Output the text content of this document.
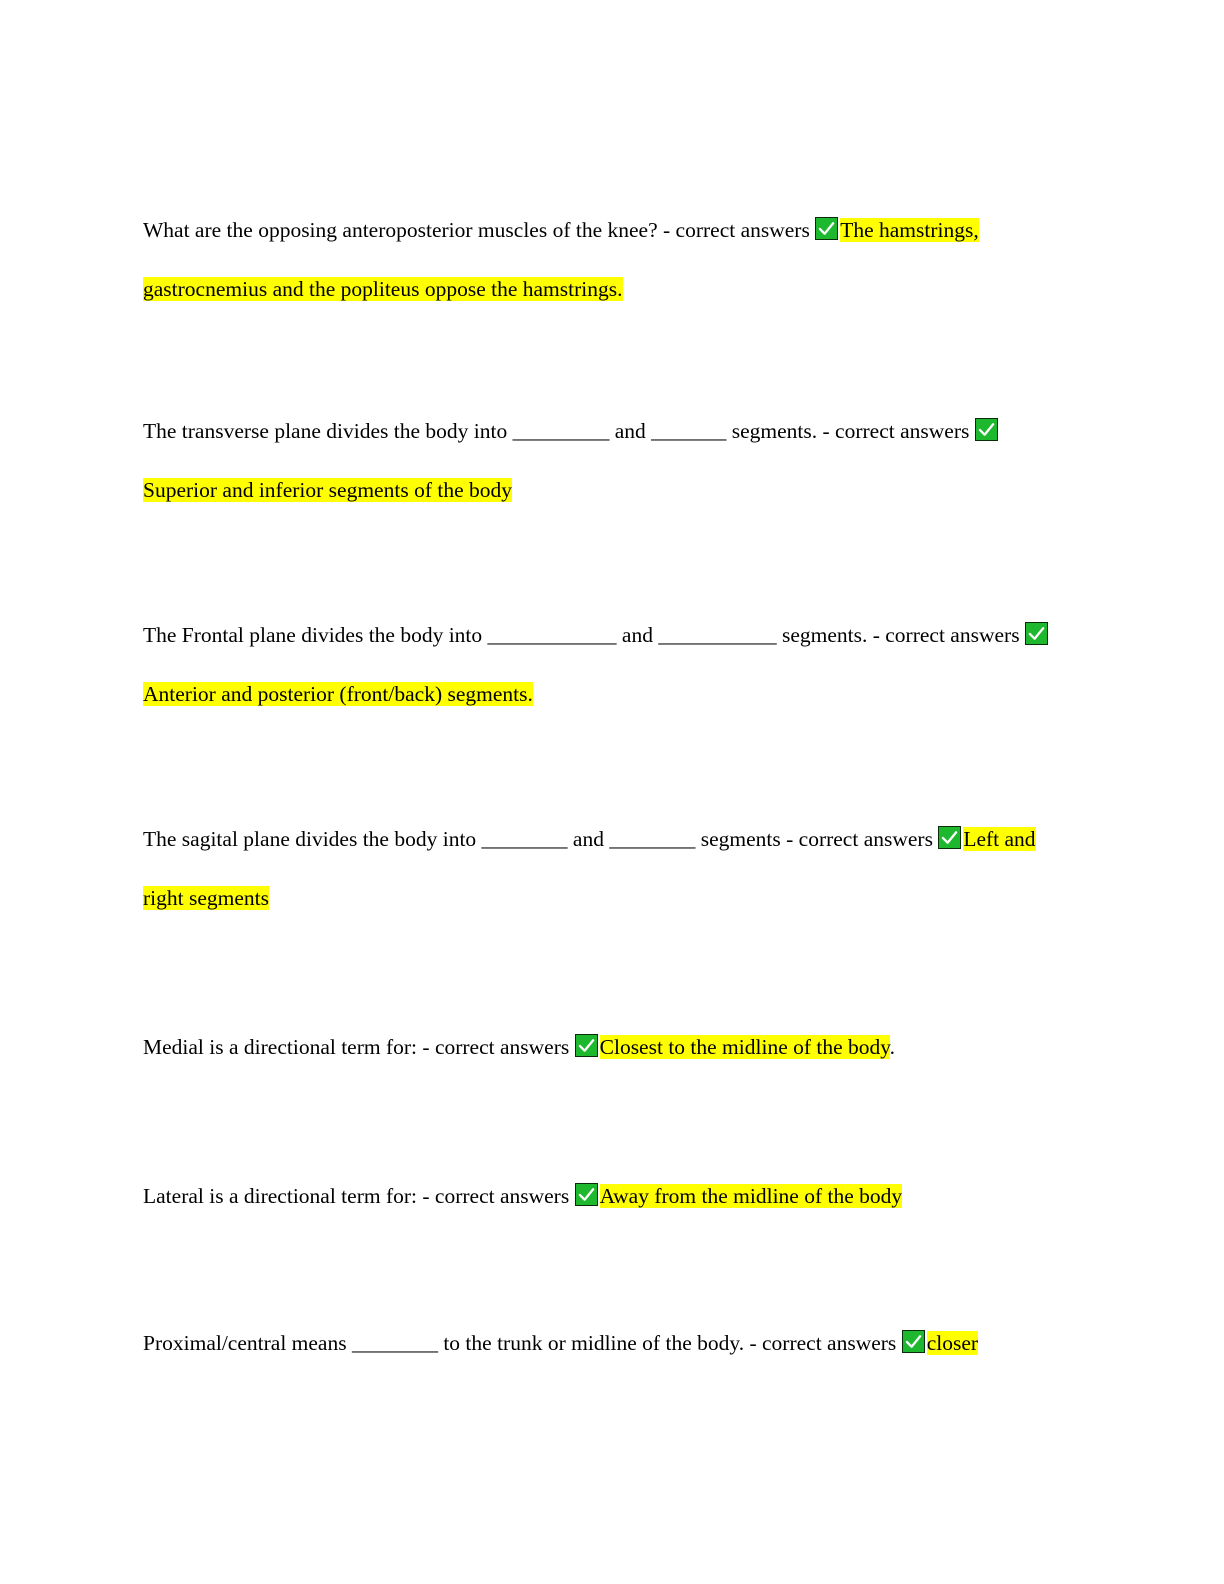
What are the opposing anteroposterior muscles of the knee? - correct answers The hamstrings, gastrocnemius and the popliteus oppose the hamstrings.

The transverse plane divides the body into _________ and _______ segments. - correct answers
Superior and inferior segments of the body

The Frontal plane divides the body into ____________ and ___________ segments. - correct answers
Anterior and posterior (front/back) segments.

The sagital plane divides the body into ________ and ________ segments - correct answers Left and right segments

Medial is a directional term for: - correct answers Closest to the midline of the body.

Lateral is a directional term for: - correct answers Away from the midline of the body

Proximal/central means ________ to the trunk or midline of the body. - correct answers closer
